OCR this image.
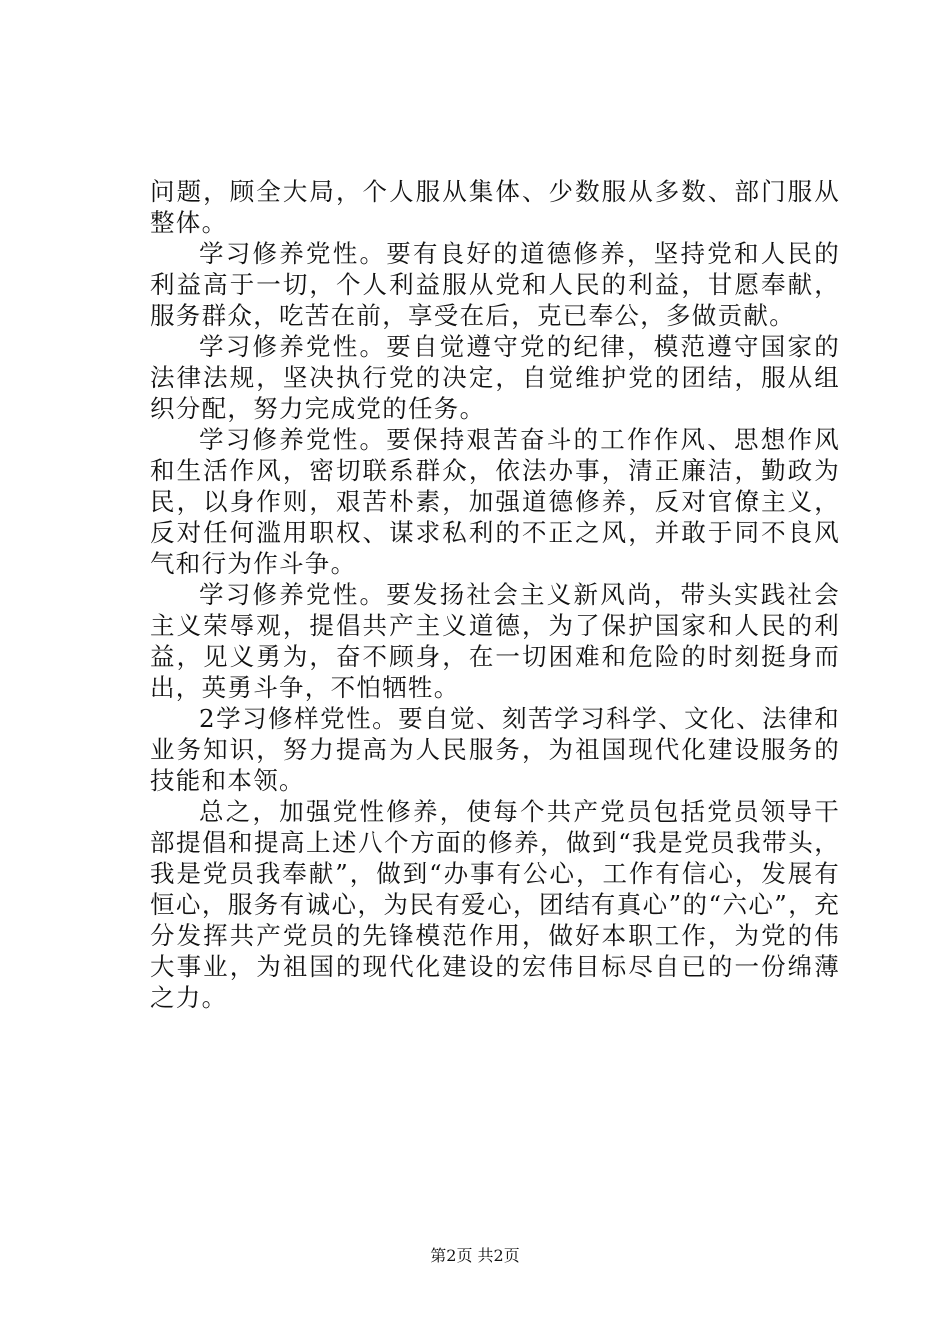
问题，顾全大局，个人服从集体、少数服从多数、部门服从整体。

学习修养党性。要有良好的道德修养，坚持党和人民的利益高于一切，个人利益服从党和人民的利益，甘愿奉献，服务群众，吃苦在前，享受在后，克已奉公，多做贡献。

学习修养党性。要自觉遵守党的纪律，模范遵守国家的法律法规，坚决执行党的决定，自觉维护党的团结，服从组织分配，努力完成党的任务。

学习修养党性。要保持艰苦奋斗的工作作风、思想作风和生活作风，密切联系群众，依法办事，清正廉洁，勤政为民，以身作则，艰苦朴素，加强道德修养，反对官僚主义，反对任何滥用职权、谋求私利的不正之风，并敢于同不良风气和行为作斗争。

学习修养党性。要发扬社会主义新风尚，带头实践社会主义荣辱观，提倡共产主义道德，为了保护国家和人民的利益，见义勇为，奋不顾身，在一切困难和危险的时刻挺身而出，英勇斗争，不怕牺牲。

2学习修样党性。要自觉、刻苦学习科学、文化、法律和业务知识，努力提高为人民服务，为祖国现代化建设服务的技能和本领。

总之，加强党性修养，使每个共产党员包括党员领导干部提倡和提高上述八个方面的修养，做到“我是党员我带头，我是党员我奉献”，做到“办事有公心，工作有信心，发展有恒心，服务有诚心，为民有爱心，团结有真心”的“六心”，充分发挥共产党员的先锋模范作用，做好本职工作，为党的伟大事业，为祖国的现代化建设的宏伟目标尽自已的一份绵薄之力。

第2页 共2页
